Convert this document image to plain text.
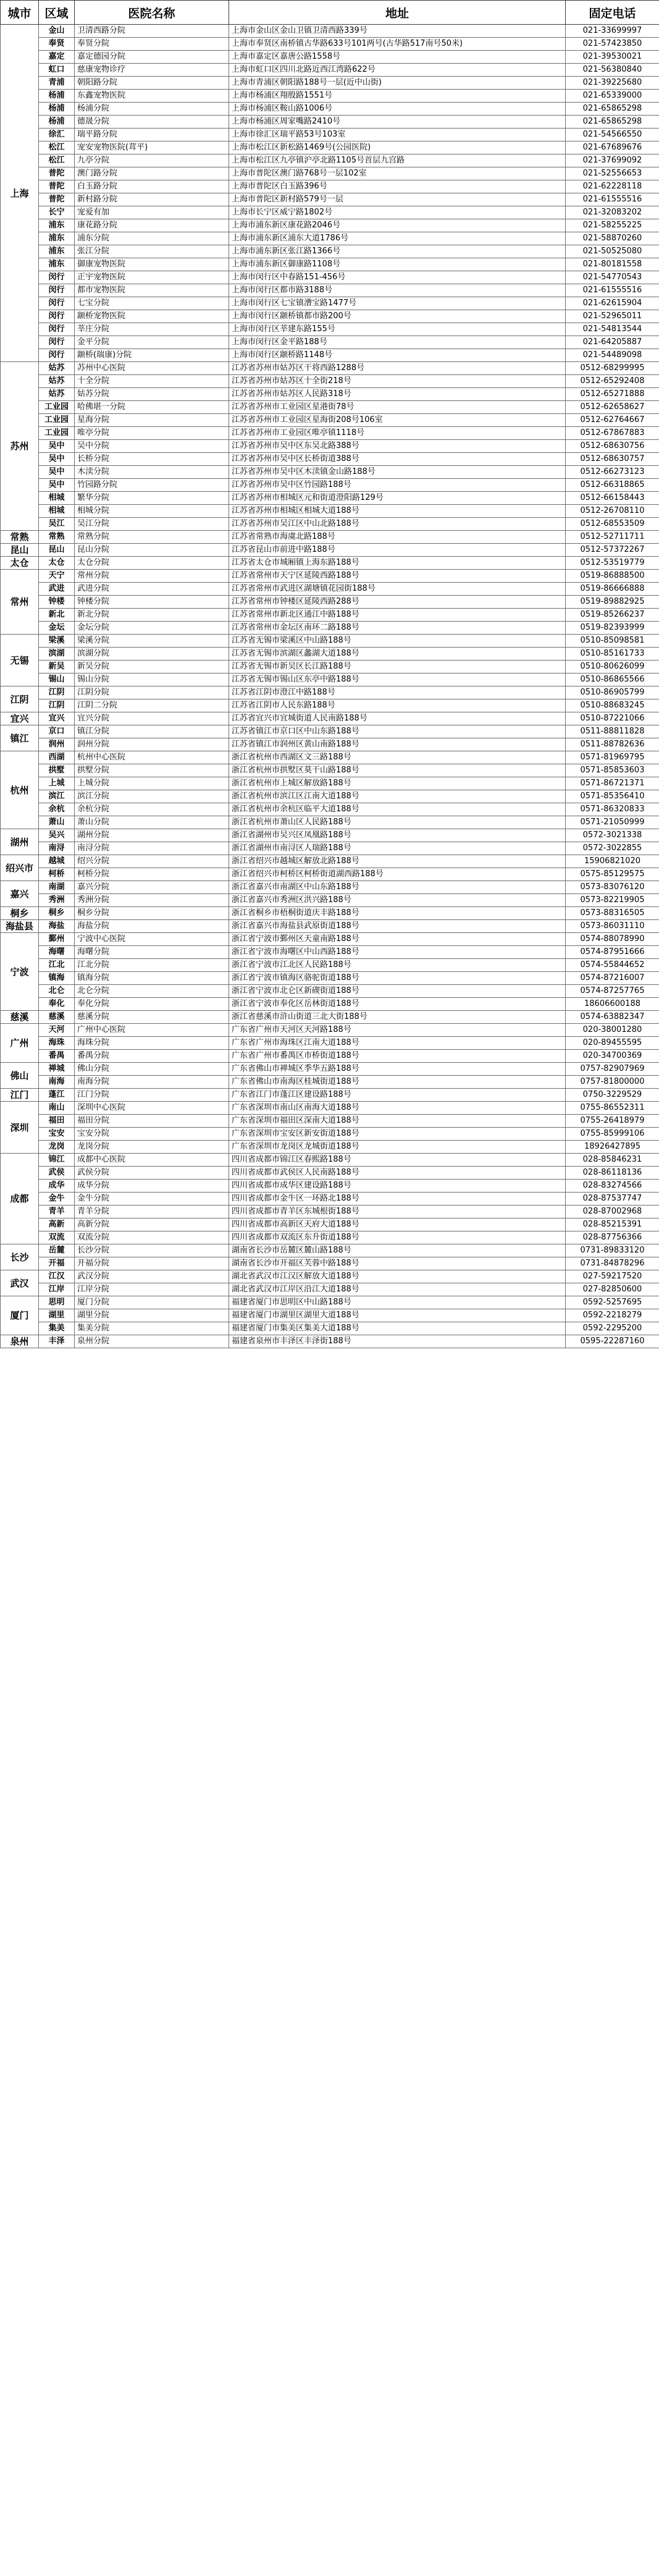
城市	区域	医院名称	地址	固定电话
上海	金山	卫清西路分院	上海市金山区金山卫镇卫清西路339号	021-33699997
	奉贤	奉贤分院	上海市奉贤区南桥镇古华路633号101两号(古华路517南号50米)	021-57423850
	嘉定	嘉定德园分院	上海市嘉定区嘉唐公路1558号	021-39530021
	虹口	慈康宠物诊疗	上海市虹口区四川北路近西江湾路622号	021-56380840
	青浦	朝阳路分院	上海市青浦区朝阳路188号一层(近中山街)	021-39225680
	杨浦	东鑫宠物医院	上海市杨浦区翔殷路1551号	021-65339000
	杨浦	杨浦分院	上海市杨浦区鞍山路1006号	021-65865298
	杨浦	德晟分院	上海市杨浦区周家嘴路2410号	021-65865298
	徐汇	瑞平路分院	上海市徐汇区瑞平路53号103室	021-54566550
	松江	宠安宠物医院(茸平)	上海市松江区新松路1469号(公园医院)	021-67689676
	松江	九亭分院	上海市松江区九亭镇沪亭北路1105号首层九宫路	021-37699092
	普陀	澳门路分院	上海市普陀区澳门路768号一层102室	021-52556653
	普陀	白玉路分院	上海市普陀区白玉路396号	021-62228118
	普陀	新村路分院	上海市普陀区新村路579号一层	021-61555516
	长宁	宠爱有加	上海市长宁区威宁路1802号	021-32083202
	浦东	康花路分院	上海市浦东新区康花路2046号	021-58255225
	浦东	浦东分院	上海市浦东新区浦东大道1786号	021-58870260
	浦东	张江分院	上海市浦东新区张江路1366号	021-50525080
	浦东	御康宠物医院	上海市浦东新区御康路1108号	021-80181558
	闵行	正宇宠物医院	上海市闵行区中春路151-456号	021-54770543
	闵行	都市宠物医院	上海市闵行区都市路3188号	021-61555516
	闵行	七宝分院	上海市闵行区七宝镇漕宝路1477号	021-62615904
	闵行	颛桥宠物医院	上海市闵行区颛桥镇都市路200号	021-52965011
	闵行	莘庄分院	上海市闵行区莘建东路155号	021-54813544
	闵行	金平分院	上海市闵行区金平路188号	021-64205887
	闵行	颛桥(瑞康)分院	上海市闵行区颛桥路1148号	021-54489098
苏州	姑苏	苏州中心医院	江苏省苏州市姑苏区干将西路1288号	0512-68299995
	姑苏	十全分院	江苏省苏州市姑苏区十全街218号	0512-65292408
	姑苏	姑苏分院	江苏省苏州市姑苏区人民路318号	0512-65271888
	工业园	哈佛堪一分院	江苏省苏州市工业园区星港街78号	0512-62658627
	工业园	星海分院	江苏省苏州市工业园区星海街208号106室	0512-62764667
	工业园	唯亭分院	江苏省苏州市工业园区唯亭镇1118号	0512-67867883
	吴中	吴中分院	江苏省苏州市吴中区东吴北路388号	0512-68630756
	吴中	长桥分院	江苏省苏州市吴中区长桥街道388号	0512-68630757
	吴中	木渎分院	江苏省苏州市吴中区木渎镇金山路188号	0512-66273123
	吴中	竹园路分院	江苏省苏州市吴中区竹园路188号	0512-66318865
	相城	繁华分院	江苏省苏州市相城区元和街道澄阳路129号	0512-66158443
	相城	相城分院	江苏省苏州市相城区相城大道188号	0512-26708110
	吴江	吴江分院	江苏省苏州市吴江区中山北路188号	0512-68553509
常熟	常熟	常熟分院	江苏省常熟市海虞北路188号	0512-52711711
昆山	昆山	昆山分院	江苏省昆山市前进中路188号	0512-57372267
太仓	太仓	太仓分院	江苏省太仓市城厢镇上海东路188号	0512-53519779
常州	天宁	常州分院	江苏省常州市天宁区延陵西路188号	0519-86888500
	武进	武进分院	江苏省常州市武进区湖塘镇花园街188号	0519-86666888
	钟楼	钟楼分院	江苏省常州市钟楼区延陵西路288号	0519-89882925
	新北	新北分院	江苏省常州市新北区通江中路188号	0519-85266237
	金坛	金坛分院	江苏省常州市金坛区南环二路188号	0519-82393999
无锡	梁溪	梁溪分院	江苏省无锡市梁溪区中山路188号	0510-85098581
	滨湖	滨湖分院	江苏省无锡市滨湖区蠡湖大道188号	0510-85161733
	新吴	新吴分院	江苏省无锡市新吴区长江路188号	0510-80626099
	锡山	锡山分院	江苏省无锡市锡山区东亭中路188号	0510-86865566
江阴	江阴	江阴分院	江苏省江阴市澄江中路188号	0510-86905799
	江阴	江阴二分院	江苏省江阴市人民东路188号	0510-88683245
宜兴	宜兴	宜兴分院	江苏省宜兴市宜城街道人民南路188号	0510-87221066
镇江	京口	镇江分院	江苏省镇江市京口区中山东路188号	0511-88811828
	润州	润州分院	江苏省镇江市润州区黄山南路188号	0511-88782636
杭州	西湖	杭州中心医院	浙江省杭州市西湖区文三路188号	0571-81969795
	拱墅	拱墅分院	浙江省杭州市拱墅区莫干山路188号	0571-85853603
	上城	上城分院	浙江省杭州市上城区解放路188号	0571-86721371
	滨江	滨江分院	浙江省杭州市滨江区江南大道188号	0571-85356410
	余杭	余杭分院	浙江省杭州市余杭区临平大道188号	0571-86320833
	萧山	萧山分院	浙江省杭州市萧山区人民路188号	0571-21050999
湖州	吴兴	湖州分院	浙江省湖州市吴兴区凤凰路188号	0572-3021338
	南浔	南浔分院	浙江省湖州市南浔区人瑞路188号	0572-3022855
绍兴市	越城	绍兴分院	浙江省绍兴市越城区解放北路188号	15906821020
	柯桥	柯桥分院	浙江省绍兴市柯桥区柯桥街道湖西路188号	0575-85129575
嘉兴	南湖	嘉兴分院	浙江省嘉兴市南湖区中山东路188号	0573-83076120
	秀洲	秀洲分院	浙江省嘉兴市秀洲区洪兴路188号	0573-82219905
桐乡	桐乡	桐乡分院	浙江省桐乡市梧桐街道庆丰路188号	0573-88316505
海盐县	海盐	海盐分院	浙江省嘉兴市海盐县武原街道188号	0573-86031110
宁波	鄞州	宁波中心医院	浙江省宁波市鄞州区天童南路188号	0574-88078990
	海曙	海曙分院	浙江省宁波市海曙区中山西路188号	0574-87951666
	江北	江北分院	浙江省宁波市江北区人民路188号	0574-55844652
	镇海	镇海分院	浙江省宁波市镇海区骆驼街道188号	0574-87216007
	北仑	北仑分院	浙江省宁波市北仑区新碶街道188号	0574-87257765
	奉化	奉化分院	浙江省宁波市奉化区岳林街道188号	18606600188
慈溪	慈溪	慈溪分院	浙江省慈溪市浒山街道三北大街188号	0574-63882347
广州	天河	广州中心医院	广东省广州市天河区天河路188号	020-38001280
	海珠	海珠分院	广东省广州市海珠区江南大道188号	020-89455595
	番禺	番禺分院	广东省广州市番禺区市桥街道188号	020-34700369
佛山	禅城	佛山分院	广东省佛山市禅城区季华五路188号	0757-82907969
	南海	南海分院	广东省佛山市南海区桂城街道188号	0757-81800000
江门	蓬江	江门分院	广东省江门市蓬江区建设路188号	0750-3229529
深圳	南山	深圳中心医院	广东省深圳市南山区南海大道188号	0755-86552311
	福田	福田分院	广东省深圳市福田区深南大道188号	0755-26418979
	宝安	宝安分院	广东省深圳市宝安区新安街道188号	0755-85999106
	龙岗	龙岗分院	广东省深圳市龙岗区龙城街道188号	18926427895
成都	锦江	成都中心医院	四川省成都市锦江区春熙路188号	028-85846231
	武侯	武侯分院	四川省成都市武侯区人民南路188号	028-86118136
	成华	成华分院	四川省成都市成华区建设路188号	028-83274566
	金牛	金牛分院	四川省成都市金牛区一环路北188号	028-87537747
	青羊	青羊分院	四川省成都市青羊区东城根街188号	028-87002968
	高新	高新分院	四川省成都市高新区天府大道188号	028-85215391
	双流	双流分院	四川省成都市双流区东升街道188号	028-87756366
长沙	岳麓	长沙分院	湖南省长沙市岳麓区麓山路188号	0731-89833120
	开福	开福分院	湖南省长沙市开福区芙蓉中路188号	0731-84878296
武汉	江汉	武汉分院	湖北省武汉市江汉区解放大道188号	027-59217520
	江岸	江岸分院	湖北省武汉市江岸区沿江大道188号	027-82850600
厦门	思明	厦门分院	福建省厦门市思明区中山路188号	0592-5257695
	湖里	湖里分院	福建省厦门市湖里区湖里大道188号	0592-2218279
	集美	集美分院	福建省厦门市集美区集美大道188号	0592-2295200
泉州	丰泽	泉州分院	福建省泉州市丰泽区丰泽街188号	0595-22287160
